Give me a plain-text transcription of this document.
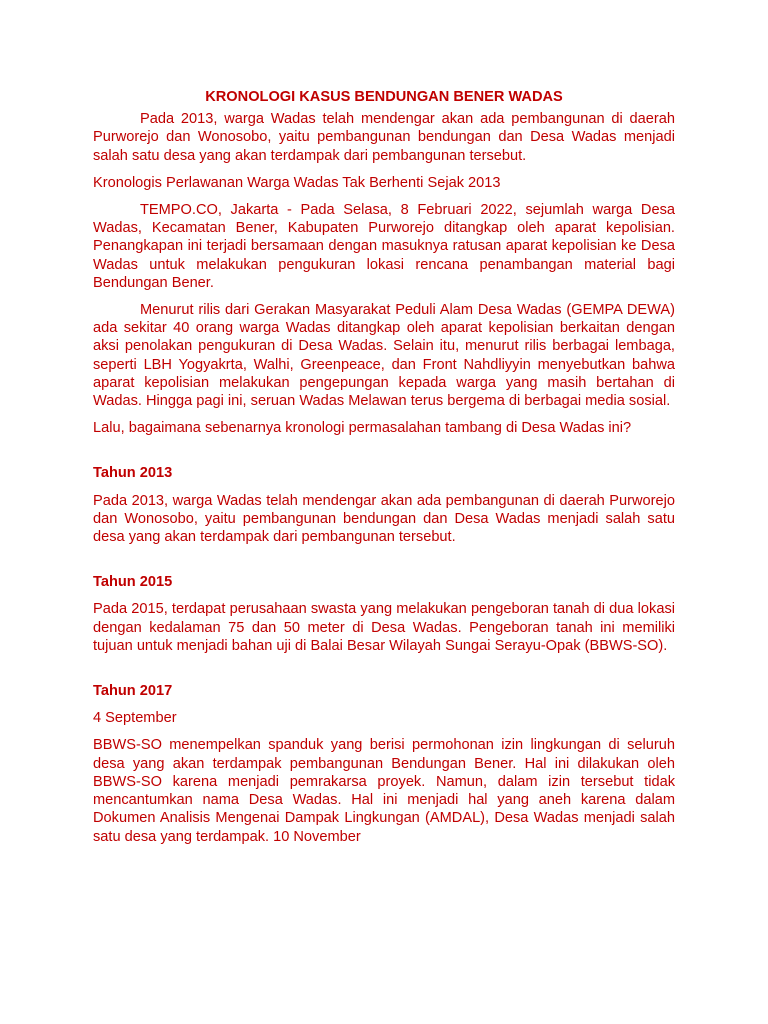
KRONOLOGI KASUS BENDUNGAN BENER WADAS

Pada 2013, warga Wadas telah mendengar akan ada pembangunan di daerah Purworejo dan Wonosobo, yaitu pembangunan bendungan dan Desa Wadas menjadi salah satu desa yang akan terdampak dari pembangunan tersebut.

Kronologis Perlawanan Warga Wadas Tak Berhenti Sejak 2013

TEMPO.CO, Jakarta - Pada Selasa, 8 Februari 2022, sejumlah warga Desa Wadas, Kecamatan Bener, Kabupaten Purworejo ditangkap oleh aparat kepolisian. Penangkapan ini terjadi bersamaan dengan masuknya ratusan aparat kepolisian ke Desa Wadas untuk melakukan pengukuran lokasi rencana penambangan material bagi Bendungan Bener.

Menurut rilis dari Gerakan Masyarakat Peduli Alam Desa Wadas (GEMPA DEWA) ada sekitar 40 orang warga Wadas ditangkap oleh aparat kepolisian berkaitan dengan aksi penolakan pengukuran di Desa Wadas. Selain itu, menurut rilis berbagai lembaga, seperti LBH Yogyakrta, Walhi, Greenpeace, dan Front Nahdliyyin menyebutkan bahwa aparat kepolisian melakukan pengepungan kepada warga yang masih bertahan di Wadas. Hingga pagi ini, seruan Wadas Melawan terus bergema di berbagai media sosial.

Lalu, bagaimana sebenarnya kronologi permasalahan tambang di Desa Wadas ini?

Tahun 2013

Pada 2013, warga Wadas telah mendengar akan ada pembangunan di daerah Purworejo dan Wonosobo, yaitu pembangunan bendungan dan Desa Wadas menjadi salah satu desa yang akan terdampak dari pembangunan tersebut.

Tahun 2015

Pada 2015, terdapat perusahaan swasta yang melakukan pengeboran tanah di dua lokasi dengan kedalaman 75 dan 50 meter di Desa Wadas. Pengeboran tanah ini memiliki tujuan untuk menjadi bahan uji di Balai Besar Wilayah Sungai Serayu-Opak (BBWS-SO).

Tahun 2017

4 September

BBWS-SO menempelkan spanduk yang berisi permohonan izin lingkungan di seluruh desa yang akan terdampak pembangunan Bendungan Bener. Hal ini dilakukan oleh BBWS-SO karena menjadi pemrakarsa proyek. Namun, dalam izin tersebut tidak mencantumkan nama Desa Wadas. Hal ini menjadi hal yang aneh karena dalam Dokumen Analisis Mengenai Dampak Lingkungan (AMDAL), Desa Wadas menjadi salah satu desa yang terdampak. 10 November
